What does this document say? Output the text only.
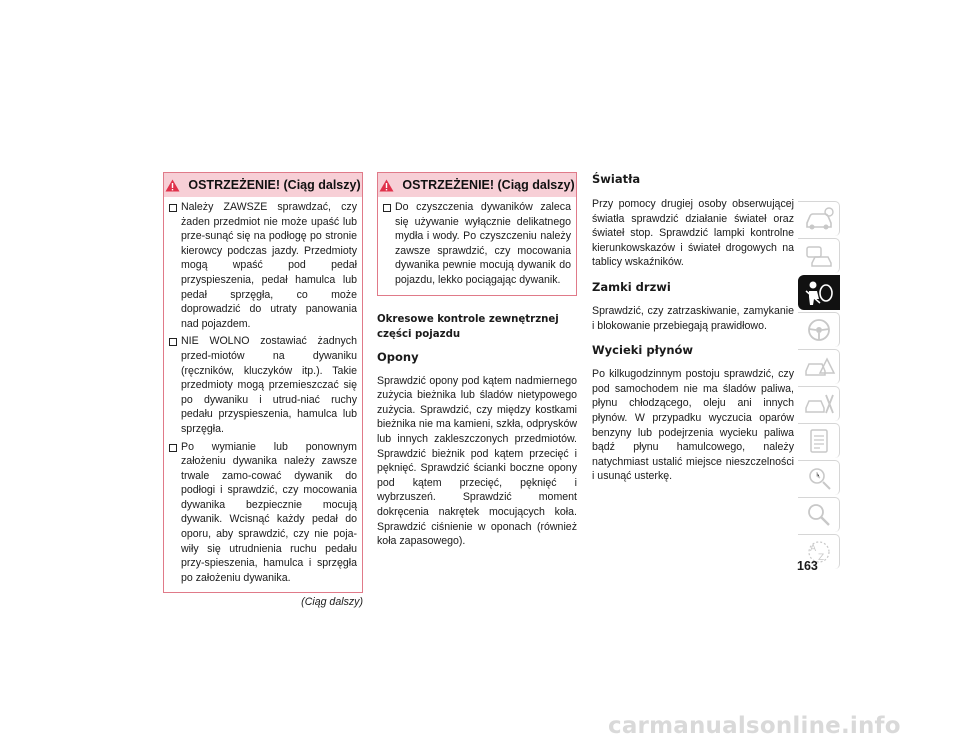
OSTRZEŻENIE! (Ciąg dalszy)
Należy ZAWSZE sprawdzać, czy żaden przedmiot nie może upaść lub prze-sunąć się na podłogę po stronie kierowcy podczas jazdy. Przedmioty mogą wpaść pod pedał przyspieszenia, pedał hamulca lub pedał sprzęgła, co może doprowadzić do utraty panowania nad pojazdem.
NIE WOLNO zostawiać żadnych przed-miotów na dywaniku (ręczników, kluczyków itp.). Takie przedmioty mogą przemieszczać się po dywaniku i utrud-niać ruchy pedału przyspieszenia, hamulca lub sprzęgła.
Po wymianie lub ponownym założeniu dywanika należy zawsze trwale zamo-cować dywanik do podłogi i sprawdzić, czy mocowania dywanika bezpiecznie mocują dywanik. Wcisnąć każdy pedał do oporu, aby sprawdzić, czy nie poja-wiły się utrudnienia ruchu pedału przy-spieszenia, hamulca i sprzęgła po założeniu dywanika.
(Ciąg dalszy)
OSTRZEŻENIE! (Ciąg dalszy)
Do czyszczenia dywaników zaleca się używanie wyłącznie delikatnego mydła i wody. Po czyszczeniu należy zawsze sprawdzić, czy mocowania dywanika pewnie mocują dywanik do pojazdu, lekko pociągając dywanik.
Okresowe kontrole zewnętrznej części pojazdu
Opony

Sprawdzić opony pod kątem nadmiernego zużycia bieżnika lub śladów nietypowego zużycia. Sprawdzić, czy między kostkami bieżnika nie ma kamieni, szkła, odprysków lub innych zakleszczonych przedmiotów. Sprawdzić bieżnik pod kątem przecięć i pęknięć. Sprawdzić ścianki boczne opony pod kątem przecięć, pęknięć i wybrzuszeń. Sprawdzić moment dokręcenia nakrętek mocujących koła. Sprawdzić ciśnienie w oponach (również koła zapasowego).

Światła

Przy pomocy drugiej osoby obserwującej światła sprawdzić działanie świateł oraz świateł stop. Sprawdzić lampki kontrolne kierunkowskazów i świateł drogowych na tablicy wskaźników.

Zamki drzwi

Sprawdzić, czy zatrzaskiwanie, zamykanie i blokowanie przebiegają prawidłowo.

Wycieki płynów

Po kilkugodzinnym postoju sprawdzić, czy pod samochodem nie ma śladów paliwa, płynu chłodzącego, oleju ani innych płynów. W przypadku wyczucia oparów benzyny lub podejrzenia wycieku paliwa bądź płynu hamulcowego, należy natychmiast ustalić miejsce nieszczelności i usunąć usterkę.

A
Z
163
carmanualsonline.info
